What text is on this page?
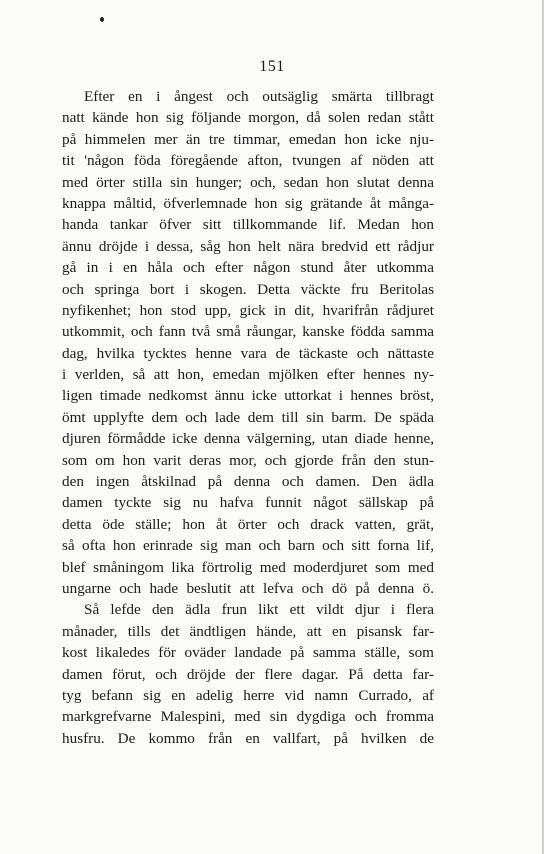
151
Efter en i ångest och outsäglig smärta tillbragt
natt kände hon sig följande morgon, då solen redan stått
på himmelen mer än tre timmar, emedan hon icke nju-
tit 'någon föda föregående afton, tvungen af nöden att
med örter stilla sin hunger; och, sedan hon slutat denna
knappa måltid, öfverlemnade hon sig grätande åt många-
handa tankar öfver sitt tillkommande lif. Medan hon
ännu dröjde i dessa, såg hon helt nära bredvid ett rådjur
gå in i en håla och efter någon stund åter utkomma
och springa bort i skogen. Detta väckte fru Beritolas
nyfikenhet; hon stod upp, gick in dit, hvarifrån rådjuret
utkommit, och fann två små råungar, kanske födda samma
dag, hvilka tycktes henne vara de täckaste och nättaste
i verlden, så att hon, emedan mjölken efter hennes ny-
ligen timade nedkomst ännu icke uttorkat i hennes bröst,
ömt upplyfte dem och lade dem till sin barm. De späda
djuren förmådde icke denna välgerning, utan diade henne,
som om hon varit deras mor, och gjorde från den stun-
den ingen åtskilnad på denna och damen. Den ädla
damen tyckte sig nu hafva funnit något sällskap på
detta öde ställe; hon åt örter och drack vatten, grät,
så ofta hon erinrade sig man och barn och sitt forna lif,
blef småningom lika förtrolig med moderdjuret som med
ungarne och hade beslutit att lefva och dö på denna ö.
Så lefde den ädla frun likt ett vildt djur i flera
månader, tills det ändtligen hände, att en pisansk far-
kost likaledes för oväder landade på samma ställe, som
damen förut, och dröjde der flere dagar. På detta far-
tyg befann sig en adelig herre vid namn Currado, af
markgrefvarne Malespini, med sin dygdiga och fromma
husfru. De kommo från en vallfart, på hvilken de
